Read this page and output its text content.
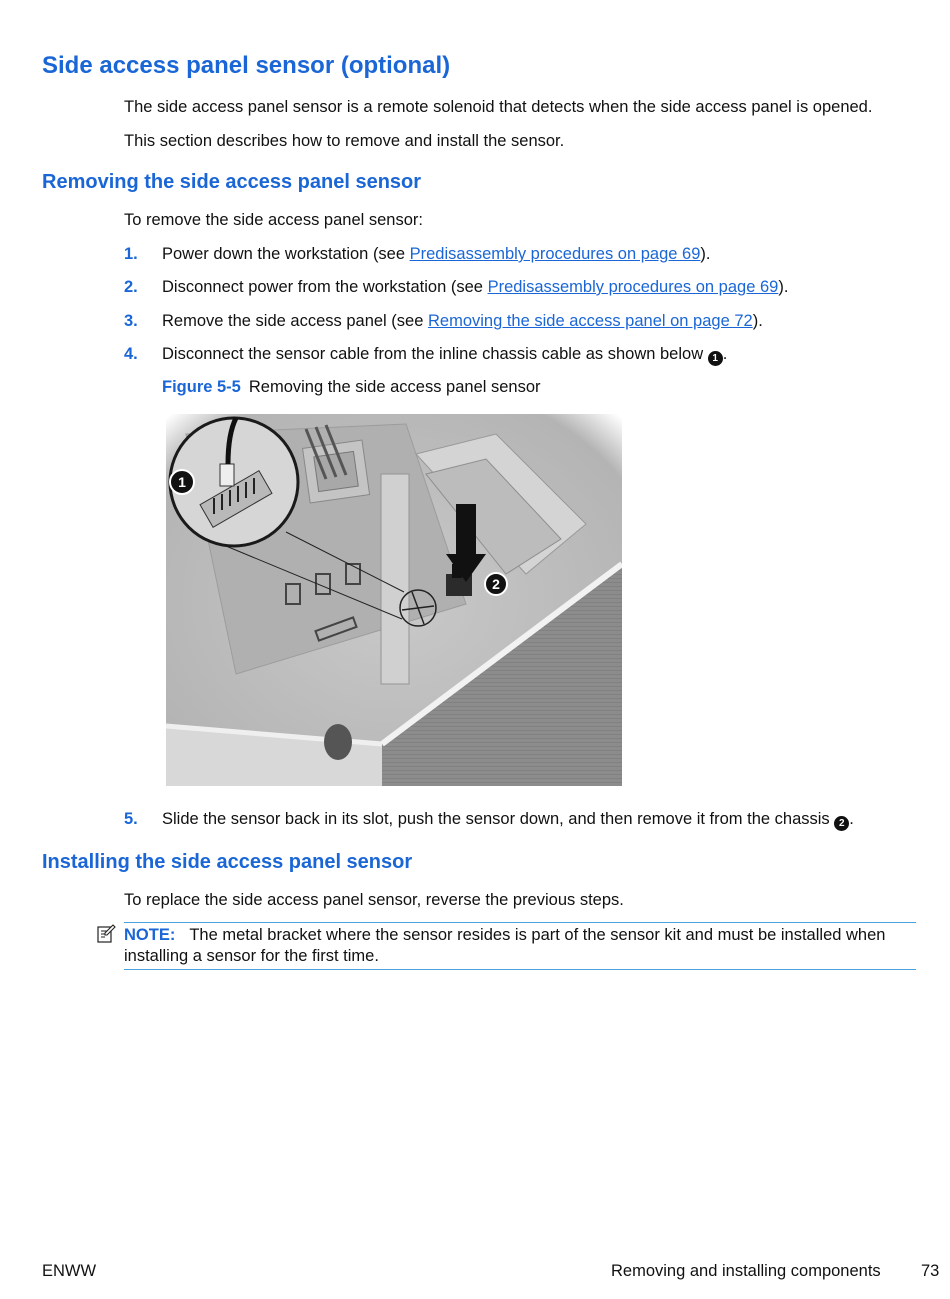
Side access panel sensor (optional)

The side access panel sensor is a remote solenoid that detects when the side access panel is opened.

This section describes how to remove and install the sensor.

Removing the side access panel sensor

To remove the side access panel sensor:

1. Power down the workstation (see Predisassembly procedures on page 69).
2. Disconnect power from the workstation (see Predisassembly procedures on page 69).
3. Remove the side access panel (see Removing the side access panel on page 72).
4. Disconnect the sensor cable from the inline chassis cable as shown below 1 .
Figure 5-5 Removing the side access panel sensor
2
1
5. Slide the sensor back in its slot, push the sensor down, and then remove it from the chassis 2 .
Installing the side access panel sensor

To replace the side access panel sensor, reverse the previous steps.

NOTE: The metal bracket where the sensor resides is part of the sensor kit and must be installed when installing a sensor for the first time.
ENWW	Removing and installing components 73
